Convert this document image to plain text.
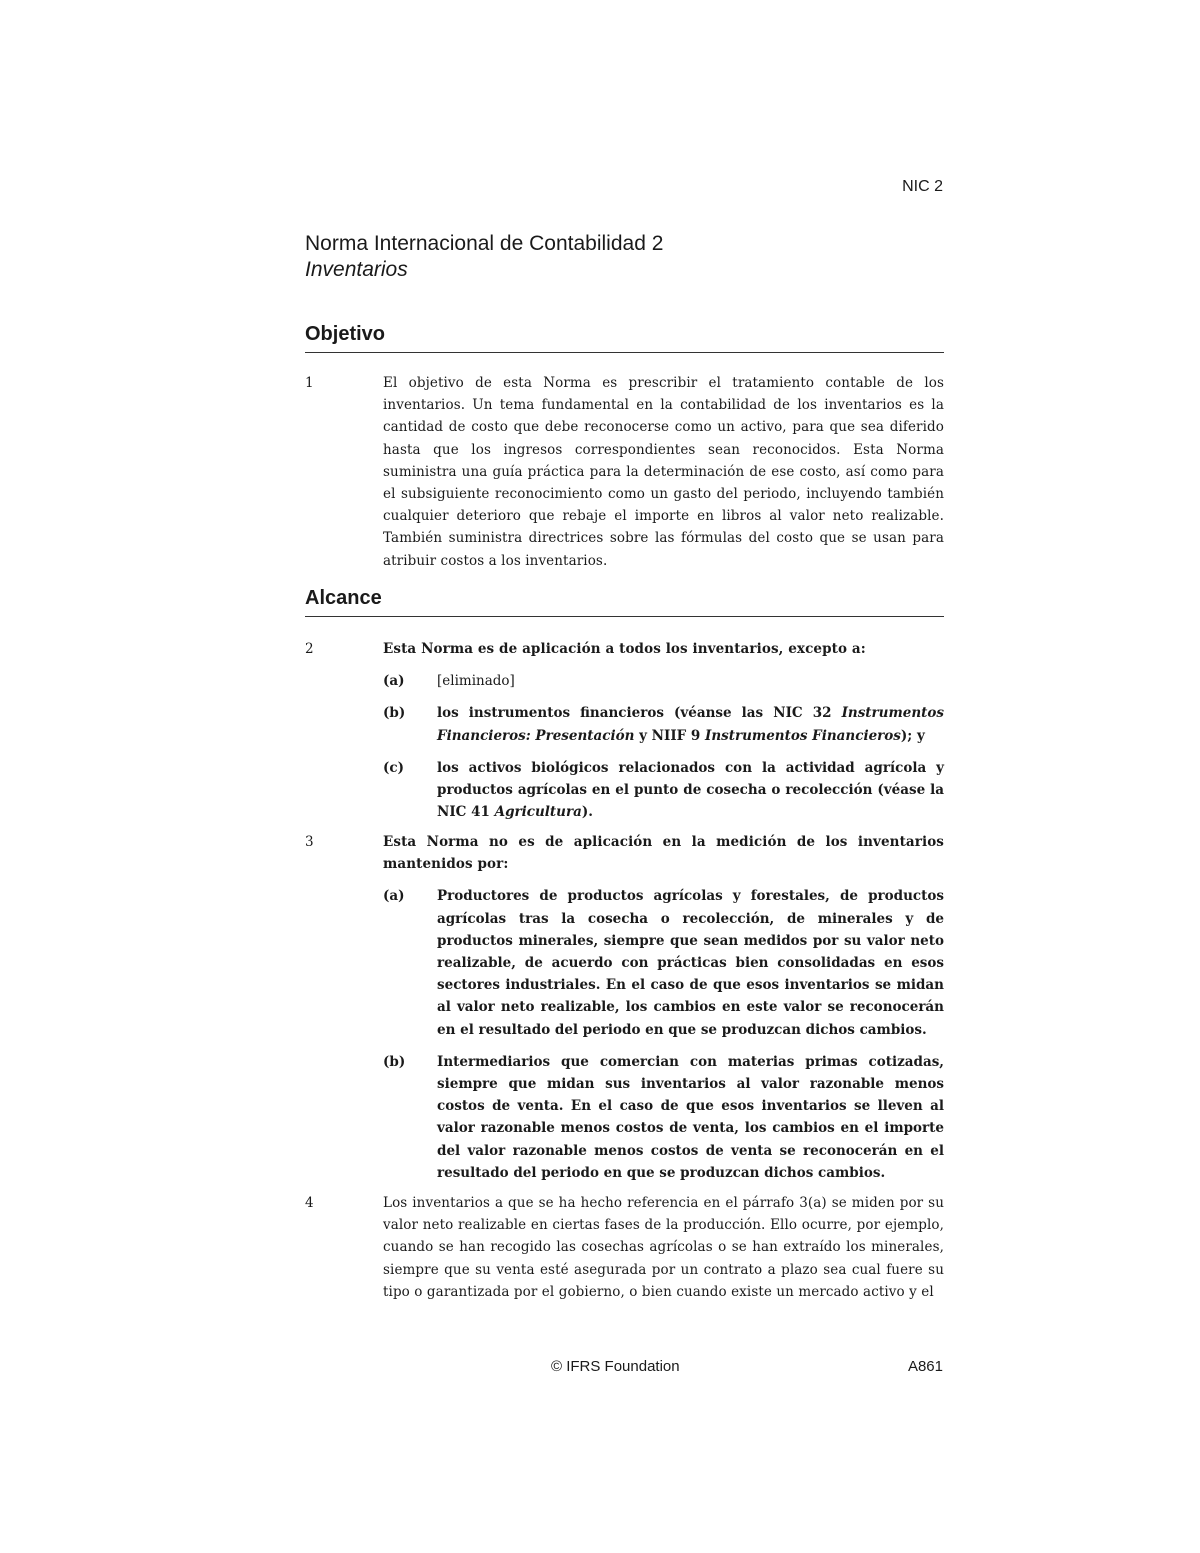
NIC 2
Norma Internacional de Contabilidad 2
Inventarios
Objetivo
1	El objetivo de esta Norma es prescribir el tratamiento contable de los inventarios. Un tema fundamental en la contabilidad de los inventarios es la cantidad de costo que debe reconocerse como un activo, para que sea diferido hasta que los ingresos correspondientes sean reconocidos. Esta Norma suministra una guía práctica para la determinación de ese costo, así como para el subsiguiente reconocimiento como un gasto del periodo, incluyendo también cualquier deterioro que rebaje el importe en libros al valor neto realizable. También suministra directrices sobre las fórmulas del costo que se usan para atribuir costos a los inventarios.
Alcance
2	Esta Norma es de aplicación a todos los inventarios, excepto a:
(a) [eliminado]
(b) los instrumentos financieros (véanse las NIC 32 Instrumentos Financieros: Presentación y NIIF 9 Instrumentos Financieros); y
(c) los activos biológicos relacionados con la actividad agrícola y productos agrícolas en el punto de cosecha o recolección (véase la NIC 41 Agricultura).
3	Esta Norma no es de aplicación en la medición de los inventarios mantenidos por:
(a) Productores de productos agrícolas y forestales, de productos agrícolas tras la cosecha o recolección, de minerales y de productos minerales, siempre que sean medidos por su valor neto realizable, de acuerdo con prácticas bien consolidadas en esos sectores industriales. En el caso de que esos inventarios se midan al valor neto realizable, los cambios en este valor se reconocerán en el resultado del periodo en que se produzcan dichos cambios.
(b) Intermediarios que comercian con materias primas cotizadas, siempre que midan sus inventarios al valor razonable menos costos de venta. En el caso de que esos inventarios se lleven al valor razonable menos costos de venta, los cambios en el importe del valor razonable menos costos de venta se reconocerán en el resultado del periodo en que se produzcan dichos cambios.
4	Los inventarios a que se ha hecho referencia en el párrafo 3(a) se miden por su valor neto realizable en ciertas fases de la producción. Ello ocurre, por ejemplo, cuando se han recogido las cosechas agrícolas o se han extraído los minerales, siempre que su venta esté asegurada por un contrato a plazo sea cual fuere su tipo o garantizada por el gobierno, o bien cuando existe un mercado activo y el
© IFRS Foundation	A861
